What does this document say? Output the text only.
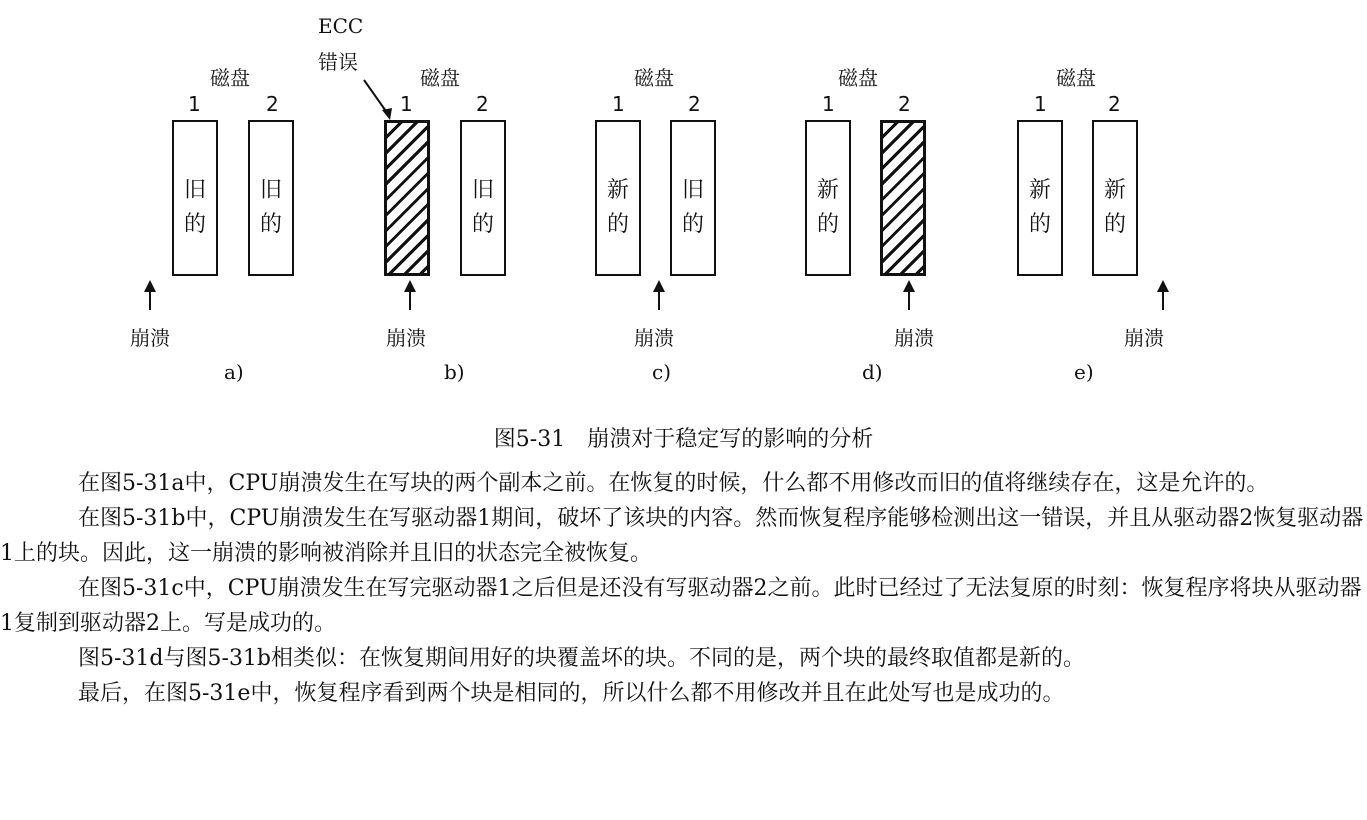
ECC
错误
磁盘
1	2
旧的
旧的
崩溃
a)
磁盘
1	2
旧的
崩溃
b)
磁盘
1	2
新的
旧的
崩溃
c)
磁盘
1	2
新的
崩溃
d)
磁盘
1	2
新的
新的
崩溃
e)
图5-31　崩溃对于稳定写的影响的分析

在图5-31a中，CPU崩溃发生在写块的两个副本之前。在恢复的时候，什么都不用修改而旧的值将继续存在，这是允许的。

在图5-31b中，CPU崩溃发生在写驱动器1期间，破坏了该块的内容。然而恢复程序能够检测出这一错误，并且从驱动器2恢复驱动器1上的块。因此，这一崩溃的影响被消除并且旧的状态完全被恢复。

在图5-31c中，CPU崩溃发生在写完驱动器1之后但是还没有写驱动器2之前。此时已经过了无法复原的时刻：恢复程序将块从驱动器1复制到驱动器2上。写是成功的。

图5-31d与图5-31b相类似：在恢复期间用好的块覆盖坏的块。不同的是，两个块的最终取值都是新的。

最后，在图5-31e中，恢复程序看到两个块是相同的，所以什么都不用修改并且在此处写也是成功的。
